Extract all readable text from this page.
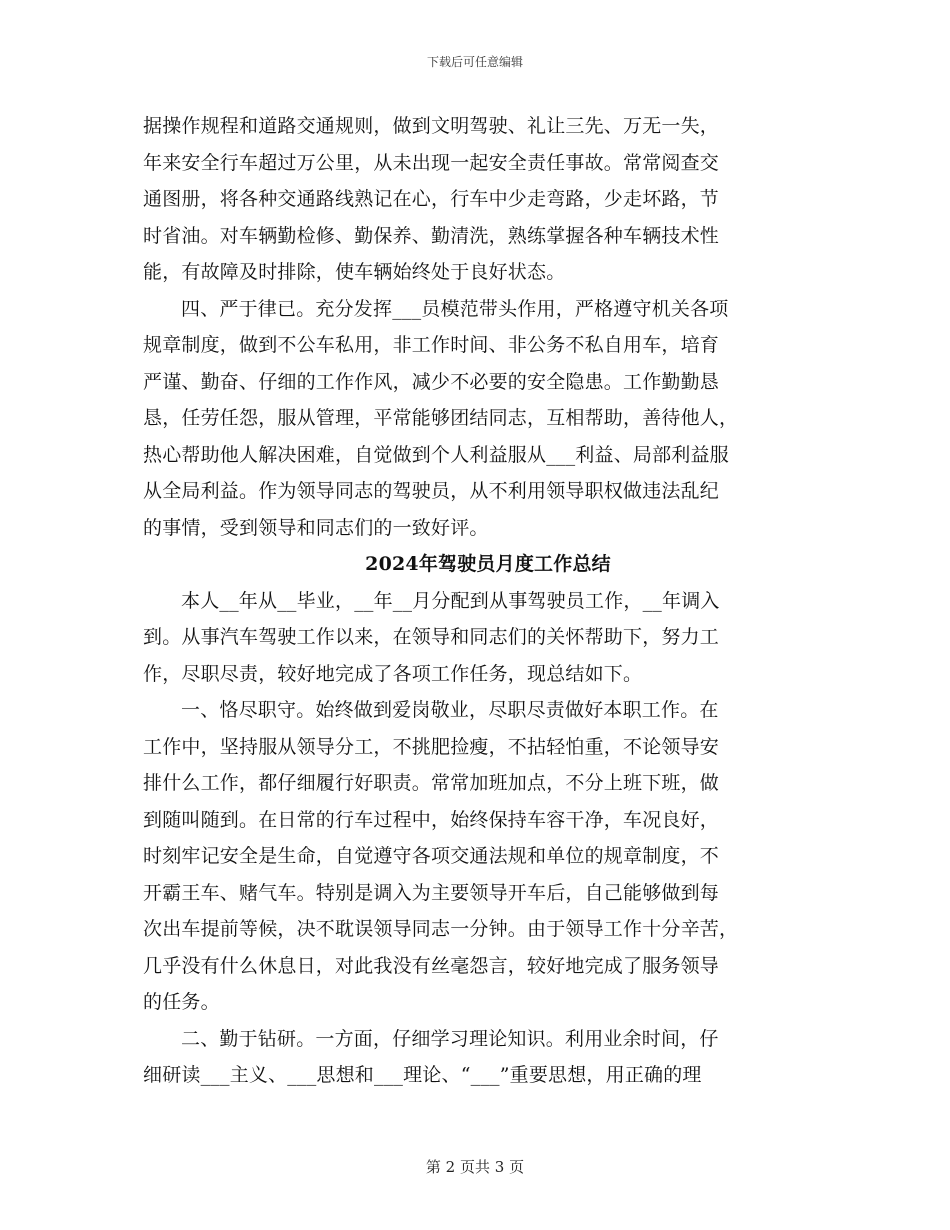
下载后可任意编辑
据操作规程和道路交通规则，做到文明驾驶、礼让三先、万无一失，
年来安全行车超过万公里，从未出现一起安全责任事故。常常阅查交
通图册，将各种交通路线熟记在心，行车中少走弯路，少走坏路，节
时省油。对车辆勤检修、勤保养、勤清洗，熟练掌握各种车辆技术性
能，有故障及时排除，使车辆始终处于良好状态。
四、严于律已。充分发挥___员模范带头作用，严格遵守机关各项
规章制度，做到不公车私用，非工作时间、非公务不私自用车，培育
严谨、勤奋、仔细的工作作风，减少不必要的安全隐患。工作勤勤恳
恳，任劳任怨，服从管理，平常能够团结同志，互相帮助，善待他人，
热心帮助他人解决困难，自觉做到个人利益服从___利益、局部利益服
从全局利益。作为领导同志的驾驶员，从不利用领导职权做违法乱纪
的事情，受到领导和同志们的一致好评。
2024年驾驶员月度工作总结
本人__年从__毕业，__年__月分配到从事驾驶员工作，__年调入
到。从事汽车驾驶工作以来，在领导和同志们的关怀帮助下，努力工
作，尽职尽责，较好地完成了各项工作任务，现总结如下。
一、恪尽职守。始终做到爱岗敬业，尽职尽责做好本职工作。在
工作中，坚持服从领导分工，不挑肥捡瘦，不拈轻怕重，不论领导安
排什么工作，都仔细履行好职责。常常加班加点，不分上班下班，做
到随叫随到。在日常的行车过程中，始终保持车容干净，车况良好，
时刻牢记安全是生命，自觉遵守各项交通法规和单位的规章制度，不
开霸王车、赌气车。特别是调入为主要领导开车后，自己能够做到每
次出车提前等候，决不耽误领导同志一分钟。由于领导工作十分辛苦，
几乎没有什么休息日，对此我没有丝毫怨言，较好地完成了服务领导
的任务。
二、勤于钻研。一方面，仔细学习理论知识。利用业余时间，仔
细研读___主义、___思想和___理论、“___”重要思想，用正确的理
第 2 页共 3 页
